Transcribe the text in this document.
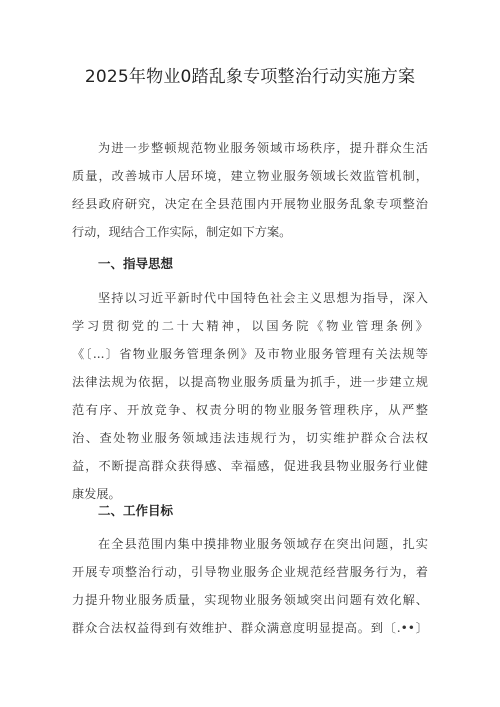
2025年物业0踏乱象专项整治行动实施方案
为进一步整顿规范物业服务领域市场秩序，提升群众生活
质量，改善城市人居环境，建立物业服务领域长效监管机制，
经县政府研究，决定在全县范围内开展物业服务乱象专项整治
行动，现结合工作实际，制定如下方案。
一、指导思想
坚持以习近平新时代中国特色社会主义思想为指导，深入
学习贯彻党的二十大精神，以国务院《物业管理条例》
《〔...〕省物业服务管理条例》及市物业服务管理有关法规等
法律法规为依据，以提高物业服务质量为抓手，进一步建立规
范有序、开放竞争、权责分明的物业服务管理秩序，从严整
治、查处物业服务领域违法违规行为，切实维护群众合法权
益，不断提高群众获得感、幸福感，促进我县物业服务行业健
康发展。
二、工作目标
在全县范围内集中摸排物业服务领域存在突出问题，扎实
开展专项整治行动，引导物业服务企业规范经营服务行为，着
力提升物业服务质量，实现物业服务领域突出问题有效化解、
群众合法权益得到有效维护、群众满意度明显提高。到〔.••〕
